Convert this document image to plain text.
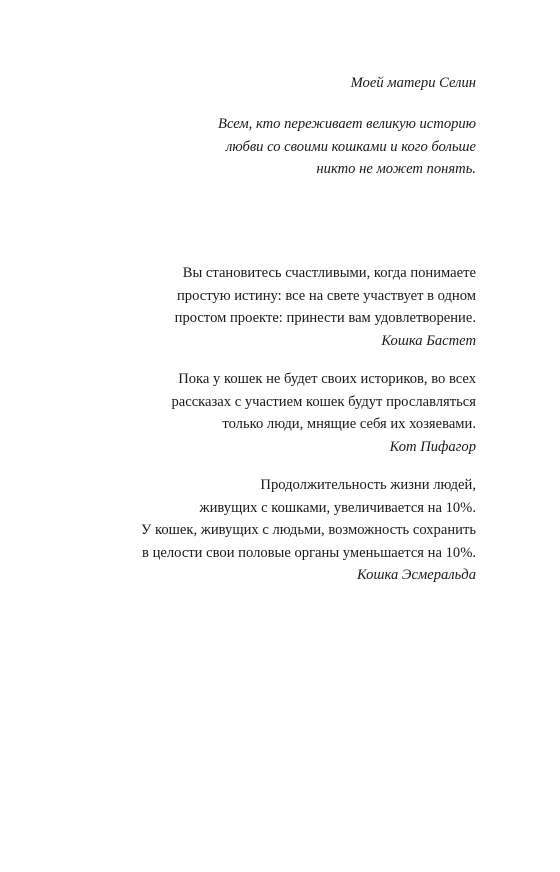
Моей матери Селин
Всем, кто переживает великую историю
любви со своими кошками и кого больше
никто не может понять.
Вы становитесь счастливыми, когда понимаете
простую истину: все на свете участвует в одном
простом проекте: принести вам удовлетворение.
Кошка Бастет
Пока у кошек не будет своих историков, во всех
рассказах с участием кошек будут прославляться
только люди, мнящие себя их хозяевами.
Кот Пифагор
Продолжительность жизни людей,
живущих с кошками, увеличивается на 10%.
У кошек, живущих с людьми, возможность сохранить
в целости свои половые органы уменьшается на 10%.
Кошка Эсмеральда
